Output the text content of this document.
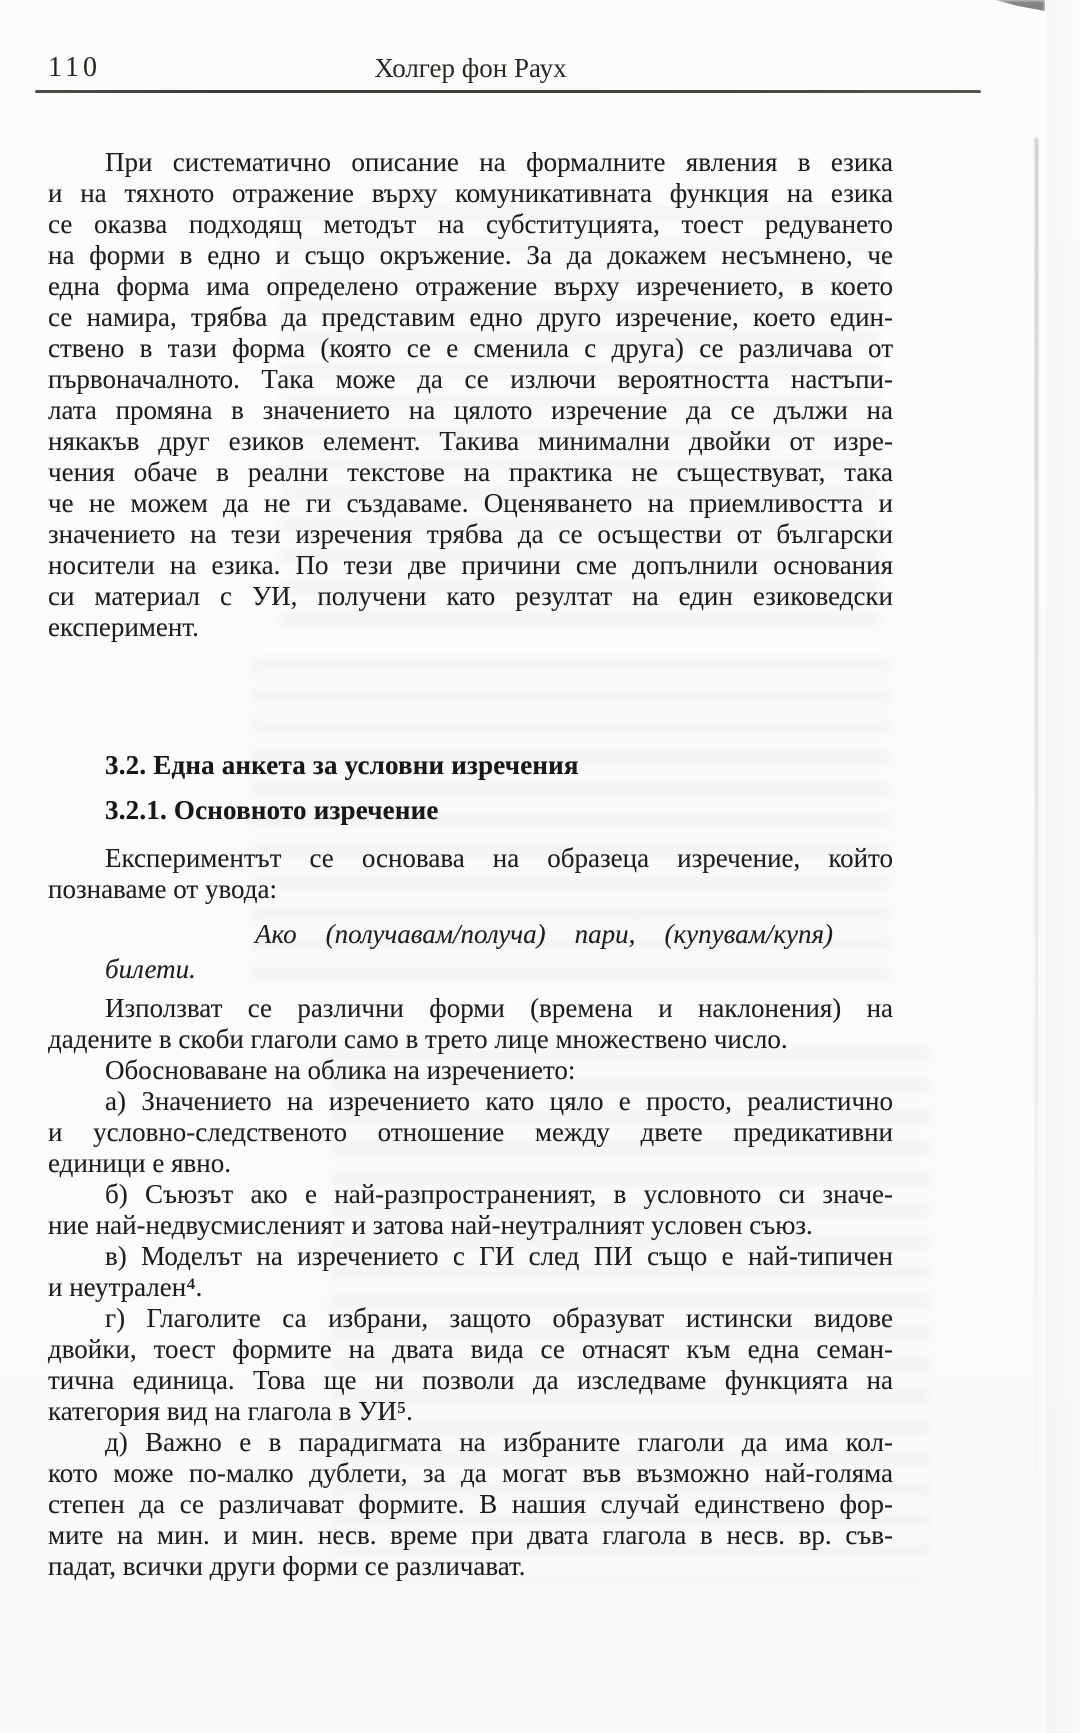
110	Холгер фон Раух
При систематично описание на формалните явления в езика
и на тяхното отражение върху комуникативната функция на езика
се оказва подходящ методът на субституцията, тоест редуването
на форми в едно и също окръжение. За да докажем несъмнено, че
една форма има определено отражение върху изречението, в което
се намира, трябва да представим едно друго изречение, което един-
ствено в тази форма (която се е сменила с друга) се различава от
първоначалното. Така може да се излючи вероятността настъпи-
лата промяна в значението на цялото изречение да се дължи на
някакъв друг езиков елемент. Такива минимални двойки от изре-
чения обаче в реални текстове на практика не съществуват, така
че не можем да не ги създаваме. Оценяването на приемливостта и
значението на тези изречения трябва да се осъществи от български
носители на езика. По тези две причини сме допълнили основания
си материал с УИ, получени като резултат на един езиковедски
експеримент.
3.2. Една анкета за условни изречения
3.2.1. Основното изречение
Експериментът се основава на образеца изречение, който
познаваме от увода:
Ако (получавам/получа) пари, (купувам/купя)
билети.
Използват се различни форми (времена и наклонения) на
дадените в скоби глаголи само в трето лице множествено число.
Обосноваване на облика на изречението:
а) Значението на изречението като цяло е просто, реалистично
и условно-следственото отношение между двете предикативни
единици е явно.
б) Съюзът ако е най-разпространеният, в условното си значе-
ние най-недвусмисленият и затова най-неутралният условен съюз.
в) Моделът на изречението с ГИ след ПИ също е най-типичен
и неутрален⁴.
г) Глаголите са избрани, защото образуват истински видове
двойки, тоест формите на двата вида се отнасят към една семан-
тична единица. Това ще ни позволи да изследваме функцията на
категория вид на глагола в УИ⁵.
д) Важно е в парадигмата на избраните глаголи да има кол-
кото може по-малко дублети, за да могат във възможно най-голяма
степен да се различават формите. В нашия случай единствено фор-
мите на мин. и мин. несв. време при двата глагола в несв. вр. съв-
падат, всички други форми се различават.
